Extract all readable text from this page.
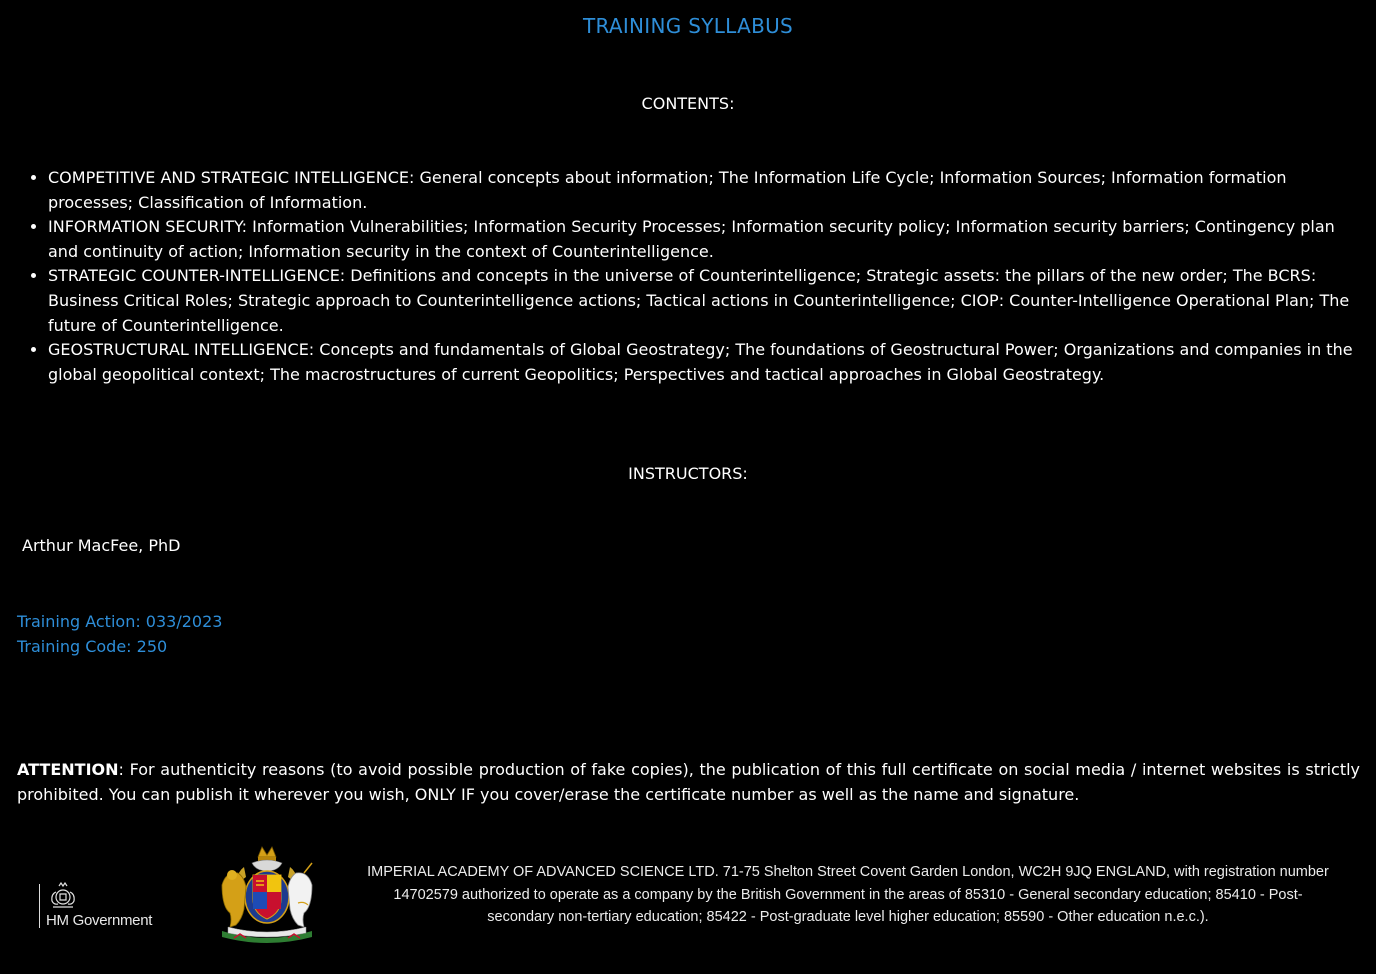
TRAINING SYLLABUS
CONTENTS:
• COMPETITIVE AND STRATEGIC INTELLIGENCE: General concepts about information; The Information Life Cycle; Information Sources; Information formation processes; Classification of Information.
• INFORMATION SECURITY: Information Vulnerabilities; Information Security Processes; Information security policy; Information security barriers; Contingency plan and continuity of action; Information security in the context of Counterintelligence.
• STRATEGIC COUNTER-INTELLIGENCE: Definitions and concepts in the universe of Counterintelligence; Strategic assets: the pillars of the new order; The BCRS: Business Critical Roles; Strategic approach to Counterintelligence actions; Tactical actions in Counterintelligence; CIOP: Counter-Intelligence Operational Plan; The future of Counterintelligence.
• GEOSTRUCTURAL INTELLIGENCE: Concepts and fundamentals of Global Geostrategy; The foundations of Geostructural Power; Organizations and companies in the global geopolitical context; The macrostructures of current Geopolitics; Perspectives and tactical approaches in Global Geostrategy.
INSTRUCTORS:
Arthur MacFee, PhD
Training Action: 033/2023
Training Code: 250
ATTENTION: For authenticity reasons (to avoid possible production of fake copies), the publication of this full certificate on social media / internet websites is strictly prohibited. You can publish it wherever you wish, ONLY IF you cover/erase the certificate number as well as the name and signature.
HM Government
IMPERIAL ACADEMY OF ADVANCED SCIENCE LTD. 71-75 Shelton Street Covent Garden London, WC2H 9JQ ENGLAND, with registration number 14702579 authorized to operate as a company by the British Government in the areas of 85310 - General secondary education; 85410 - Post-secondary non-tertiary education; 85422 - Post-graduate level higher education; 85590 - Other education n.e.c.).
